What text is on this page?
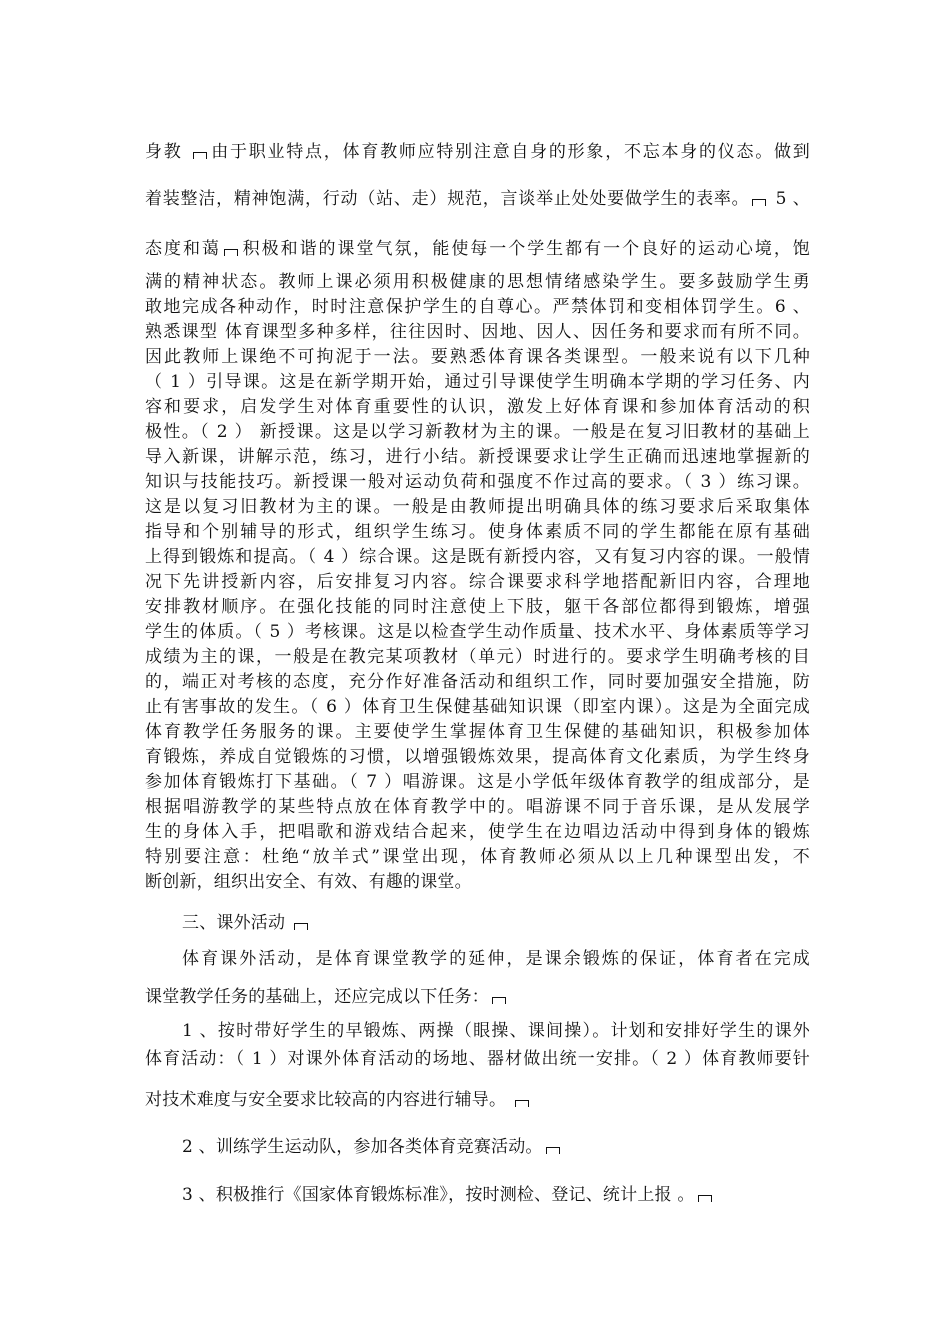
身教 由于职业特点，体育教师应特别注意自身的形象，不忘本身的仪态。做到
着装整洁，精神饱满，行动（站、走）规范，言谈举止处处要做学生的表率。 5 、
态度和蔼 积极和谐的课堂气氛，能使每一个学生都有一个良好的运动心境，饱
满的精神状态。教师上课必须用积极健康的思想情绪感染学生。要多鼓励学生勇
敢地完成各种动作，时时注意保护学生的自尊心。严禁体罚和变相体罚学生。6 、
熟悉课型 体育课型多种多样，往往因时、因地、因人、因任务和要求而有所不同。
因此教师上课绝不可拘泥于一法。要熟悉体育课各类课型。一般来说有以下几种
（ 1 ）引导课。这是在新学期开始，通过引导课使学生明确本学期的学习任务、内
容和要求，启发学生对体育重要性的认识，激发上好体育课和参加体育活动的积
极性。（ 2 ） 新授课。这是以学习新教材为主的课。一般是在复习旧教材的基础上
导入新课，讲解示范，练习，进行小结。新授课要求让学生正确而迅速地掌握新的
知识与技能技巧。新授课一般对运动负荷和强度不作过高的要求。（ 3 ）练习课。
这是以复习旧教材为主的课。一般是由教师提出明确具体的练习要求后采取集体
指导和个别辅导的形式，组织学生练习。使身体素质不同的学生都能在原有基础
上得到锻炼和提高。（ 4 ）综合课。这是既有新授内容，又有复习内容的课。一般情
况下先讲授新内容，后安排复习内容。综合课要求科学地搭配新旧内容，合理地
安排教材顺序。在强化技能的同时注意使上下肢，躯干各部位都得到锻炼，增强
学生的体质。（ 5 ）考核课。这是以检查学生动作质量、技术水平、身体素质等学习
成绩为主的课，一般是在教完某项教材（单元）时进行的。要求学生明确考核的目
的，端正对考核的态度，充分作好准备活动和组织工作，同时要加强安全措施，防
止有害事故的发生。（ 6 ）体育卫生保健基础知识课（即室内课）。这是为全面完成
体育教学任务服务的课。主要使学生掌握体育卫生保健的基础知识，积极参加体
育锻炼，养成自觉锻炼的习惯，以增强锻炼效果，提高体育文化素质，为学生终身
参加体育锻炼打下基础。（ 7 ）唱游课。这是小学低年级体育教学的组成部分，是
根据唱游教学的某些特点放在体育教学中的。唱游课不同于音乐课，是从发展学
生的身体入手，把唱歌和游戏结合起来，使学生在边唱边活动中得到身体的锻炼
特别要注意：杜绝“放羊式”课堂出现，体育教师必须从以上几种课型出发，不
断创新，组织出安全、有效、有趣的课堂。
三、课外活动
体育课外活动，是体育课堂教学的延伸，是课余锻炼的保证，体育者在完成
课堂教学任务的基础上，还应完成以下任务：
1 、按时带好学生的早锻炼、两操（眼操、课间操）。计划和安排好学生的课外
体育活动：（ 1 ）对课外体育活动的场地、器材做出统一安排。（ 2 ）体育教师要针
对技术难度与安全要求比较高的内容进行辅导。
2 、训练学生运动队，参加各类体育竞赛活动。
3 、积极推行《国家体育锻炼标准》，按时测检、登记、统计上报 。
